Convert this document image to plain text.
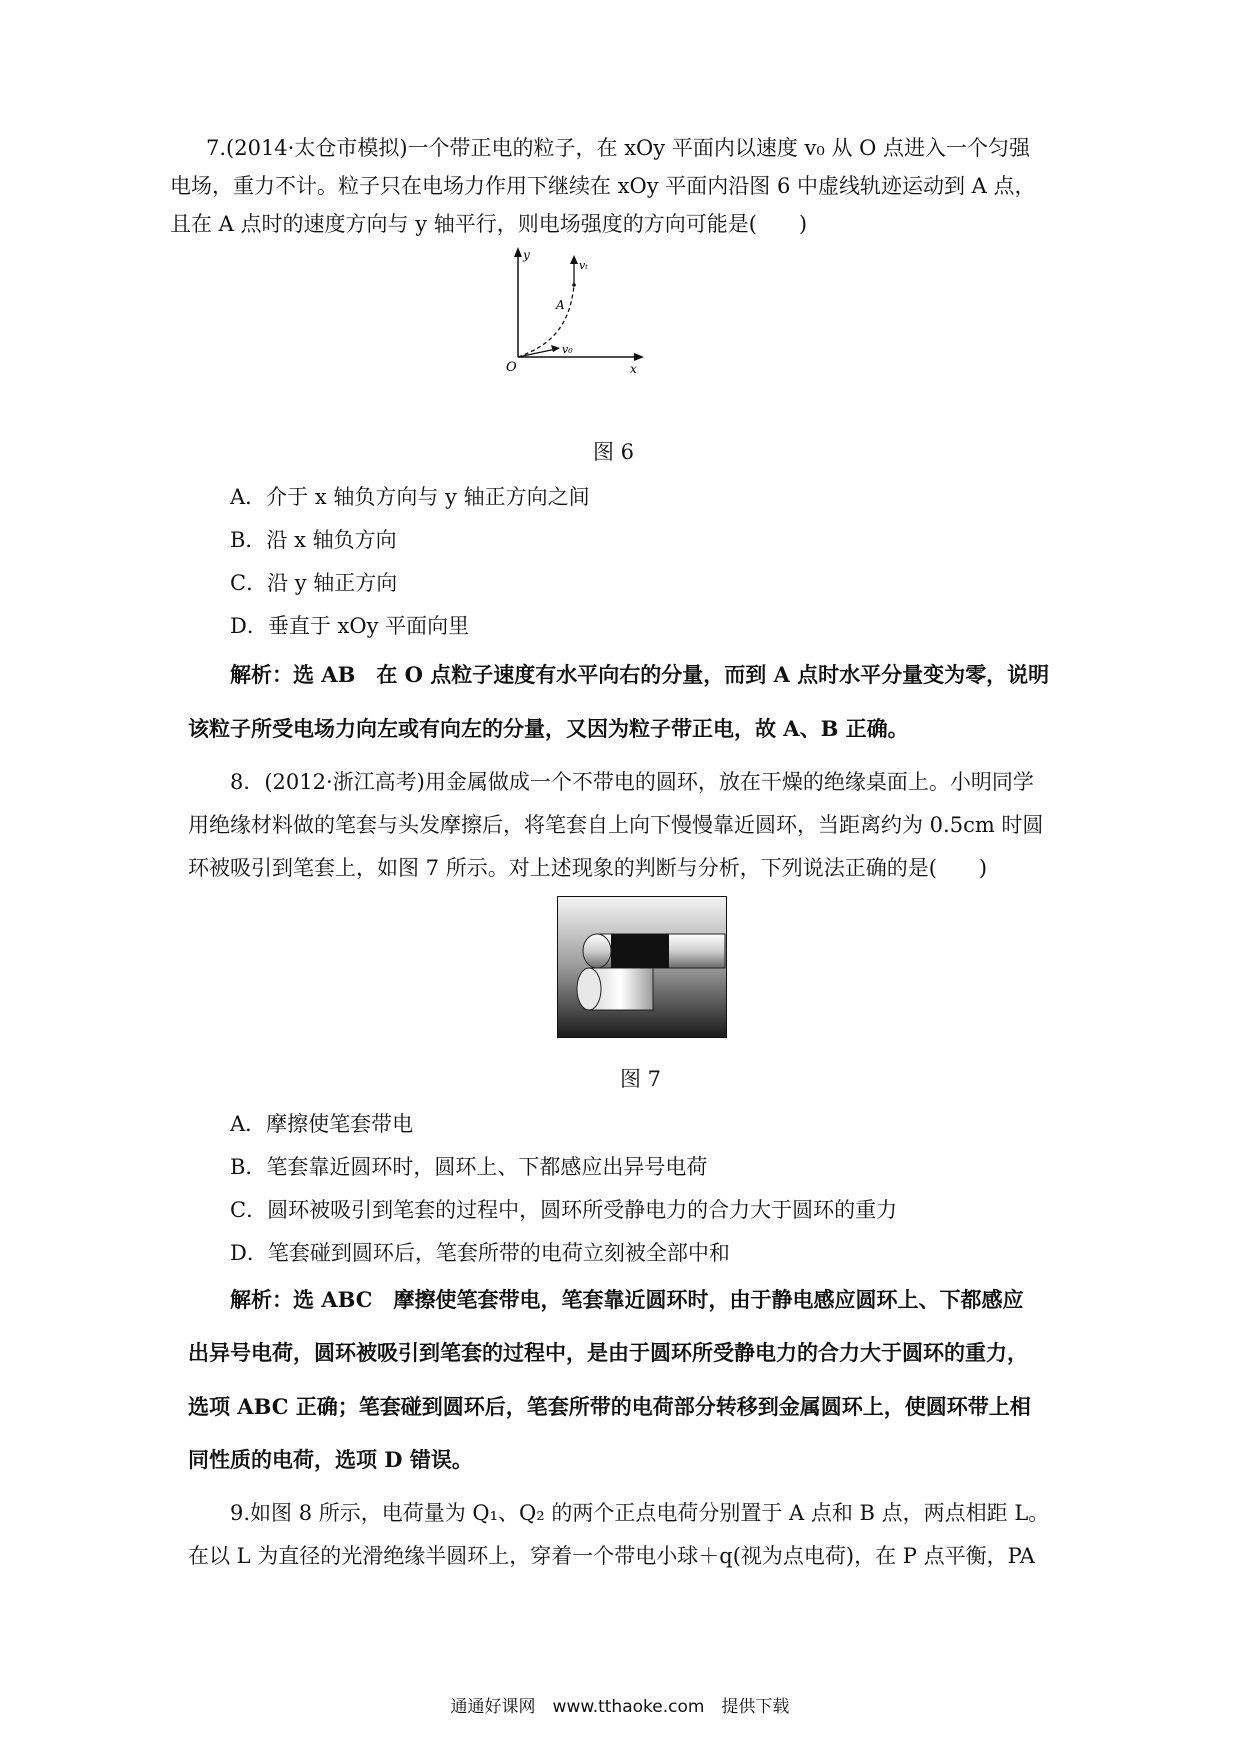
7.(2014·太仓市模拟)一个带正电的粒子，在 xOy 平面内以速度 v₀ 从 O 点进入一个匀强
电场，重力不计。粒子只在电场力作用下继续在 xOy 平面内沿图 6 中虚线轨迹运动到 A 点，
且在 A 点时的速度方向与 y 轴平行，则电场强度的方向可能是(　　)
y
x
O
A
v₀
vₜ
图 6
A．介于 x 轴负方向与 y 轴正方向之间
B．沿 x 轴负方向
C．沿 y 轴正方向
D．垂直于 xOy 平面向里
解析：选 AB　在 O 点粒子速度有水平向右的分量，而到 A 点时水平分量变为零，说明
该粒子所受电场力向左或有向左的分量，又因为粒子带正电，故 A、B 正确。
8．(2012·浙江高考)用金属做成一个不带电的圆环，放在干燥的绝缘桌面上。小明同学
用绝缘材料做的笔套与头发摩擦后，将笔套自上向下慢慢靠近圆环，当距离约为 0.5cm 时圆
环被吸引到笔套上，如图 7 所示。对上述现象的判断与分析，下列说法正确的是(　　)
图 7
A．摩擦使笔套带电
B．笔套靠近圆环时，圆环上、下都感应出异号电荷
C．圆环被吸引到笔套的过程中，圆环所受静电力的合力大于圆环的重力
D．笔套碰到圆环后，笔套所带的电荷立刻被全部中和
解析：选 ABC　摩擦使笔套带电，笔套靠近圆环时，由于静电感应圆环上、下都感应
出异号电荷，圆环被吸引到笔套的过程中，是由于圆环所受静电力的合力大于圆环的重力，
选项 ABC 正确；笔套碰到圆环后，笔套所带的电荷部分转移到金属圆环上，使圆环带上相
同性质的电荷，选项 D 错误。
9.如图 8 所示，电荷量为 Q₁、Q₂ 的两个正点电荷分别置于 A 点和 B 点，两点相距 L。
在以 L 为直径的光滑绝缘半圆环上，穿着一个带电小球＋q(视为点电荷)，在 P 点平衡，PA
通通好课网　www.tthaoke.com　提供下载
